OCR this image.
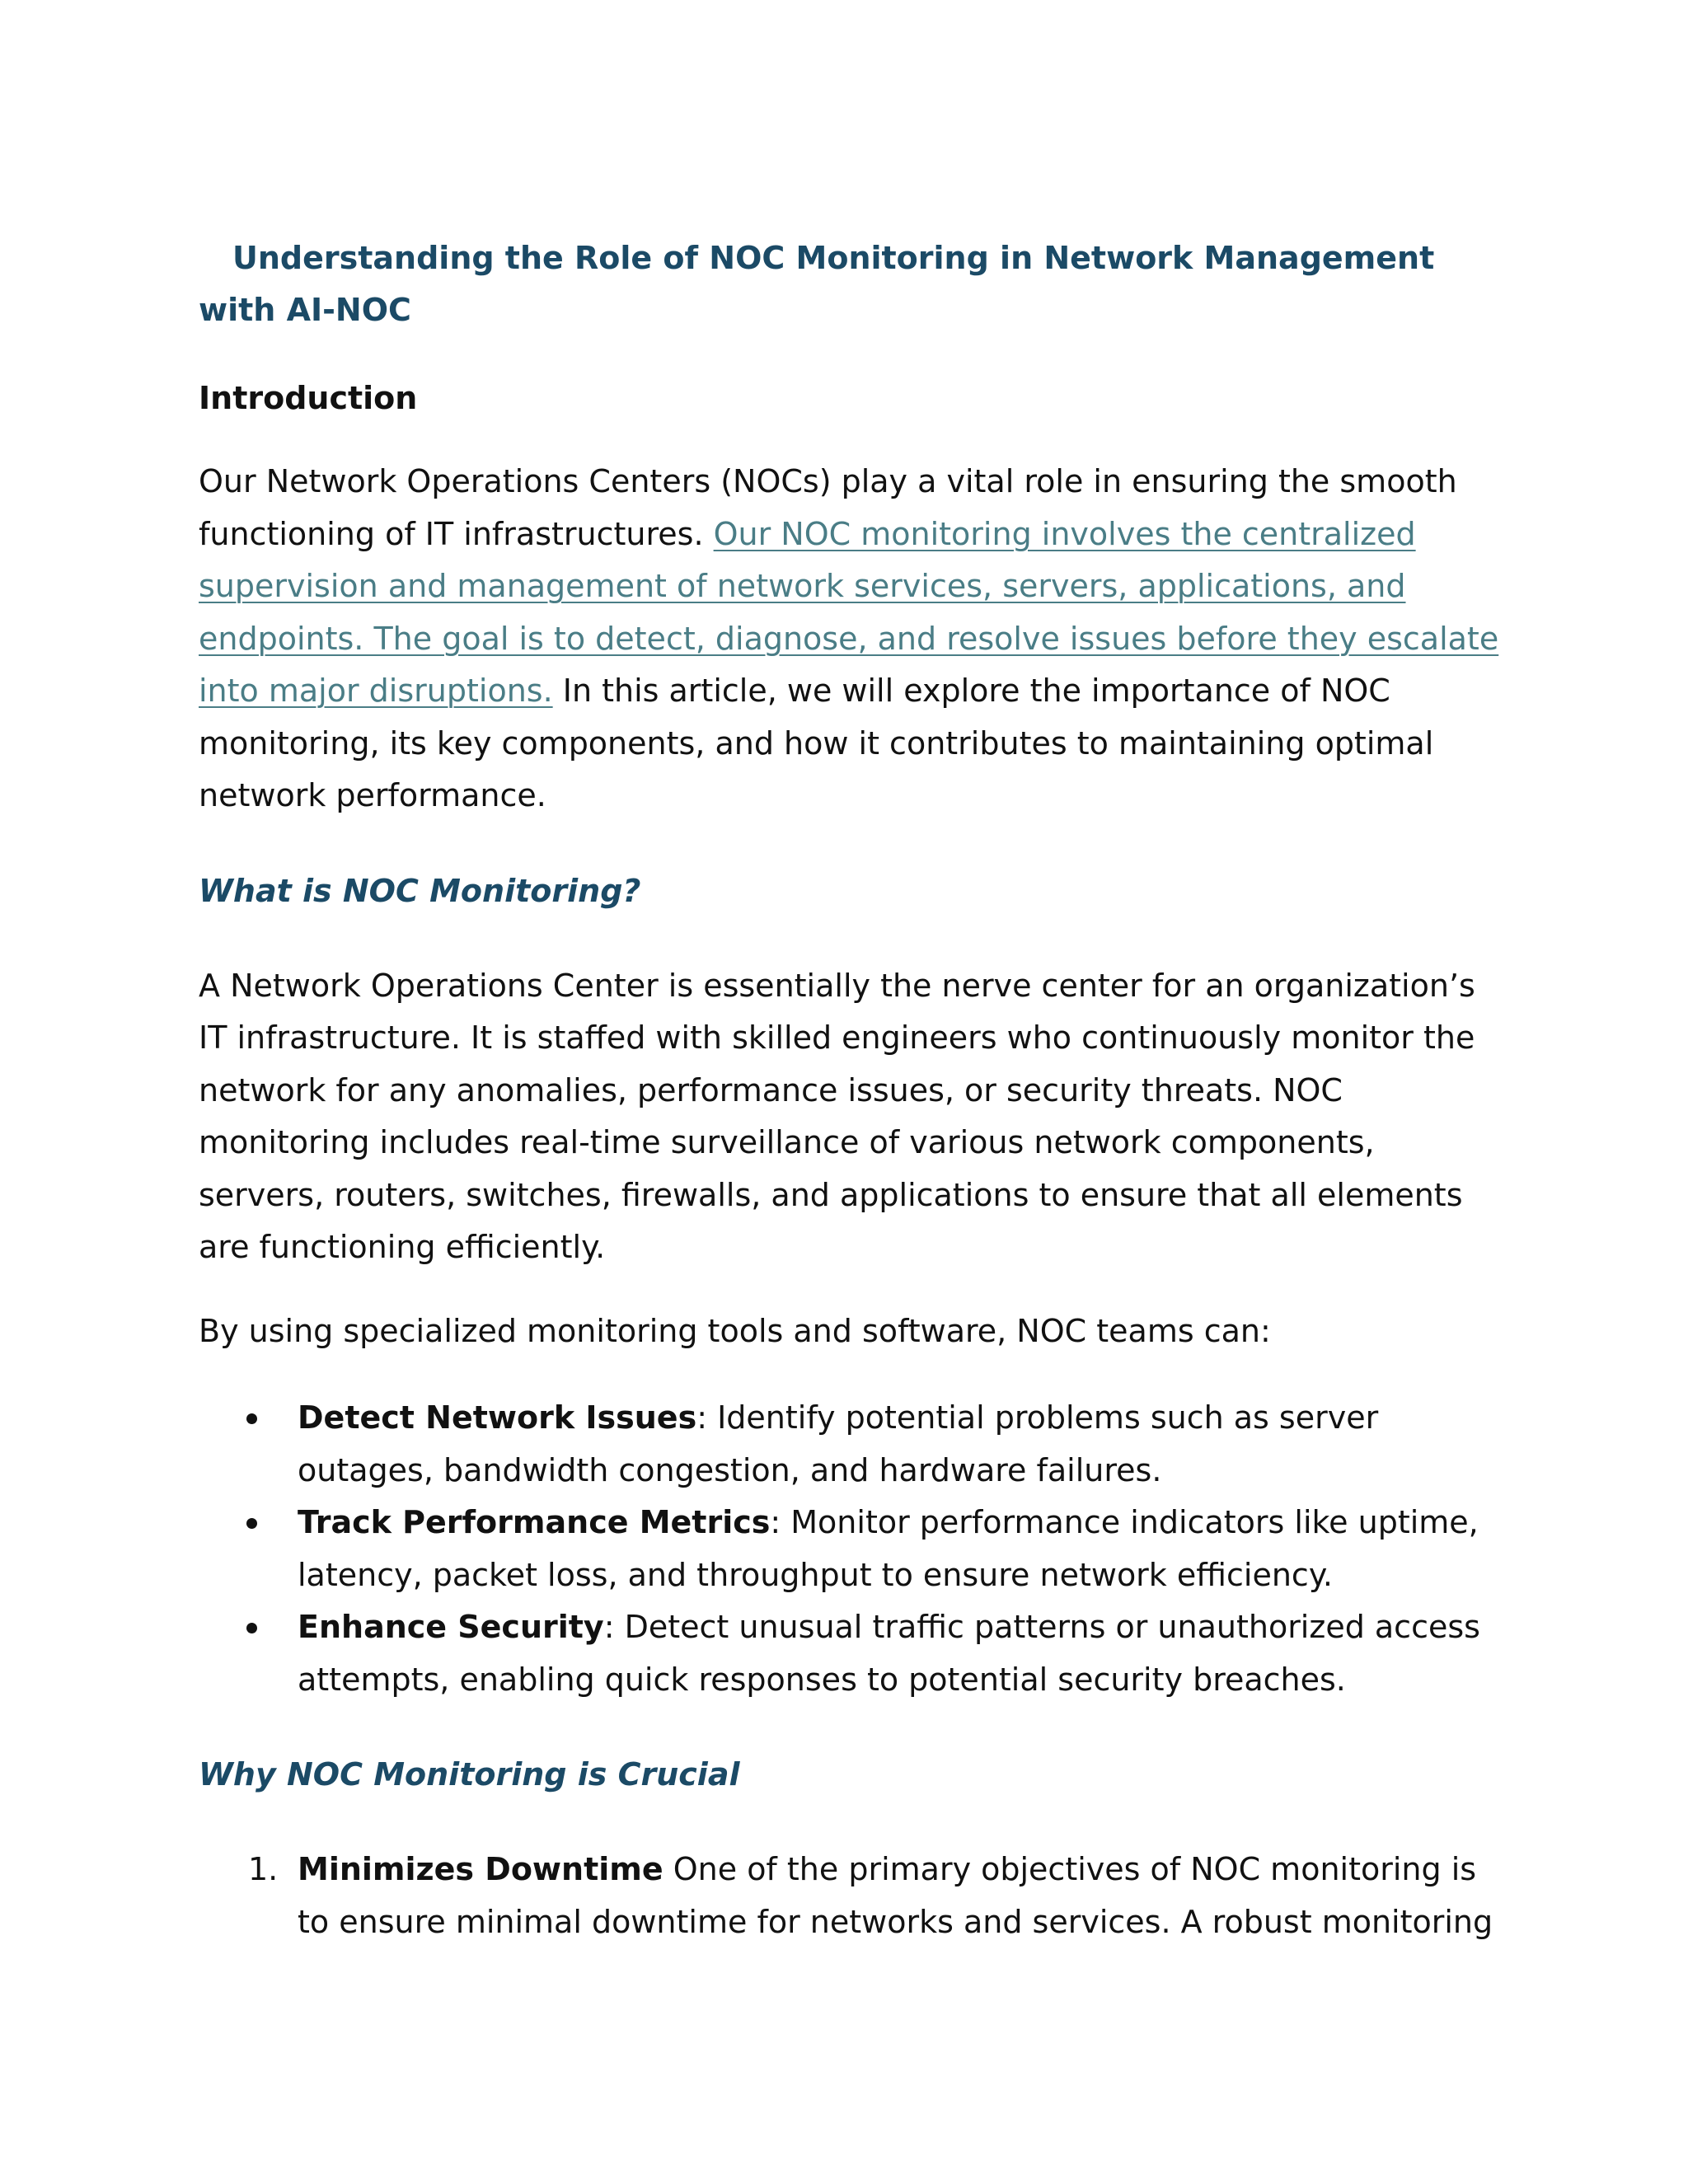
Understanding the Role of NOC Monitoring in Network Management with AI-NOC
Introduction

Our Network Operations Centers (NOCs) play a vital role in ensuring the smooth functioning of IT infrastructures. Our NOC monitoring involves the centralized supervision and management of network services, servers, applications, and endpoints. The goal is to detect, diagnose, and resolve issues before they escalate into major disruptions. In this article, we will explore the importance of NOC monitoring, its key components, and how it contributes to maintaining optimal network performance.

What is NOC Monitoring?

A Network Operations Center is essentially the nerve center for an organization’s IT infrastructure. It is staffed with skilled engineers who continuously monitor the network for any anomalies, performance issues, or security threats. NOC monitoring includes real-time surveillance of various network components, servers, routers, switches, firewalls, and applications to ensure that all elements are functioning efficiently.

By using specialized monitoring tools and software, NOC teams can:

Detect Network Issues: Identify potential problems such as server outages, bandwidth congestion, and hardware failures.
Track Performance Metrics: Monitor performance indicators like uptime, latency, packet loss, and throughput to ensure network efficiency.
Enhance Security: Detect unusual traffic patterns or unauthorized access attempts, enabling quick responses to potential security breaches.
Why NOC Monitoring is Crucial
1. Minimizes Downtime One of the primary objectives of NOC monitoring is to ensure minimal downtime for networks and services. A robust monitoring
